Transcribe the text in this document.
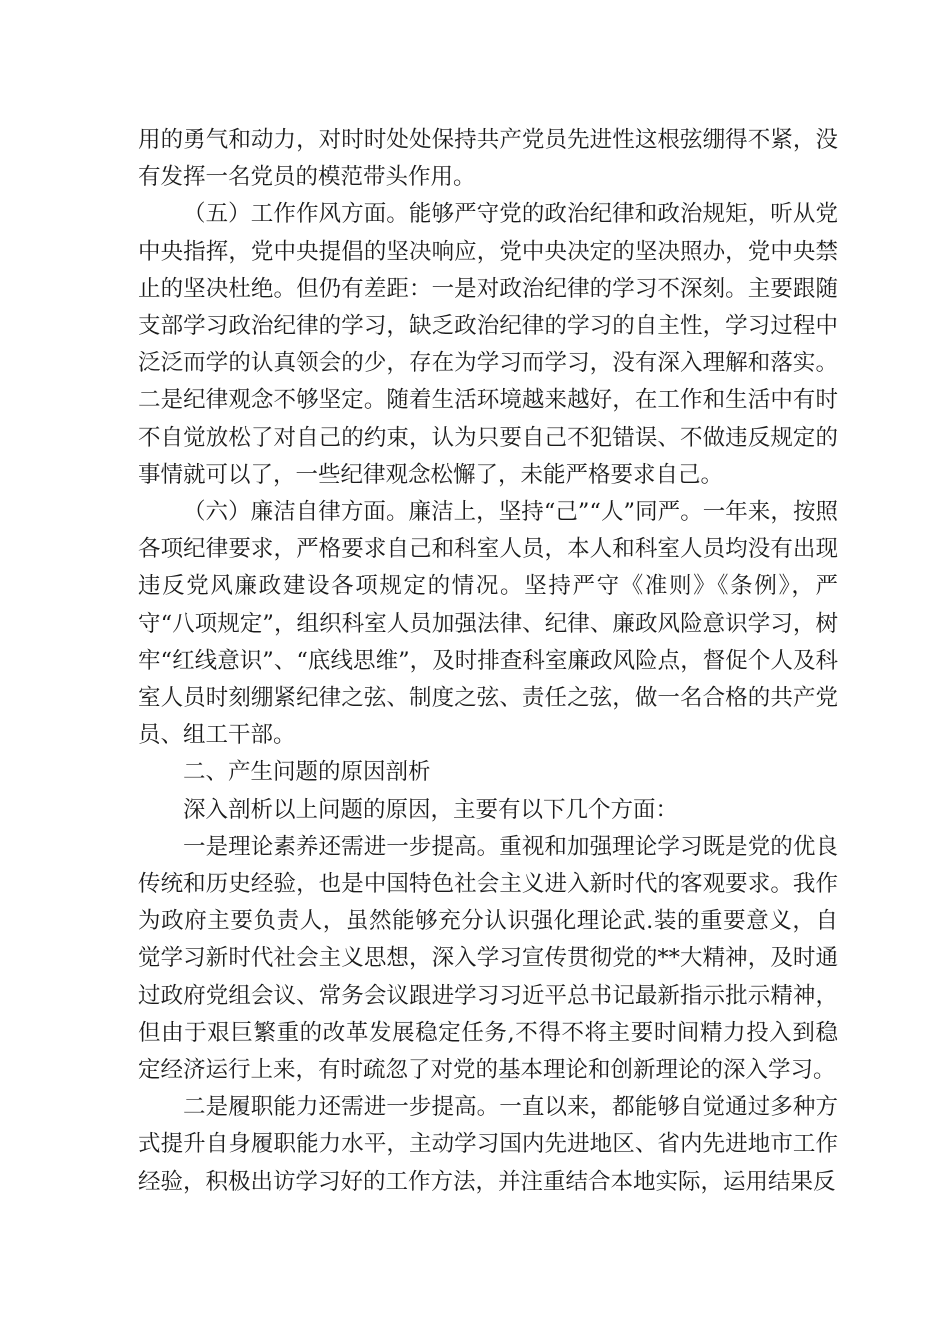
用的勇气和动力，对时时处处保持共产党员先进性这根弦绷得不紧，没有发挥一名党员的模范带头作用。

（五）工作作风方面。能够严守党的政治纪律和政治规矩，听从党中央指挥，党中央提倡的坚决响应，党中央决定的坚决照办，党中央禁止的坚决杜绝。但仍有差距：一是对政治纪律的学习不深刻。主要跟随支部学习政治纪律的学习，缺乏政治纪律的学习的自主性，学习过程中泛泛而学的认真领会的少，存在为学习而学习，没有深入理解和落实。二是纪律观念不够坚定。随着生活环境越来越好，在工作和生活中有时不自觉放松了对自己的约束，认为只要自己不犯错误、不做违反规定的事情就可以了，一些纪律观念松懈了，未能严格要求自己。

（六）廉洁自律方面。廉洁上，坚持“己”“人”同严。一年来，按照各项纪律要求，严格要求自己和科室人员，本人和科室人员均没有出现违反党风廉政建设各项规定的情况。坚持严守《准则》《条例》，严守“八项规定”，组织科室人员加强法律、纪律、廉政风险意识学习，树牢“红线意识”、“底线思维”，及时排查科室廉政风险点，督促个人及科室人员时刻绷紧纪律之弦、制度之弦、责任之弦，做一名合格的共产党员、组工干部。

二、产生问题的原因剖析

深入剖析以上问题的原因，主要有以下几个方面：

一是理论素养还需进一步提高。重视和加强理论学习既是党的优良传统和历史经验，也是中国特色社会主义进入新时代的客观要求。我作为政府主要负责人，虽然能够充分认识强化理论武.装的重要意义，自觉学习新时代社会主义思想，深入学习宣传贯彻党的**大精神，及时通过政府党组会议、常务会议跟进学习习近平总书记最新指示批示精神，但由于艰巨繁重的改革发展稳定任务,不得不将主要时间精力投入到稳定经济运行上来，有时疏忽了对党的基本理论和创新理论的深入学习。

二是履职能力还需进一步提高。一直以来，都能够自觉通过多种方式提升自身履职能力水平，主动学习国内先进地区、省内先进地市工作经验，积极出访学习好的工作方法，并注重结合本地实际，运用结果反
